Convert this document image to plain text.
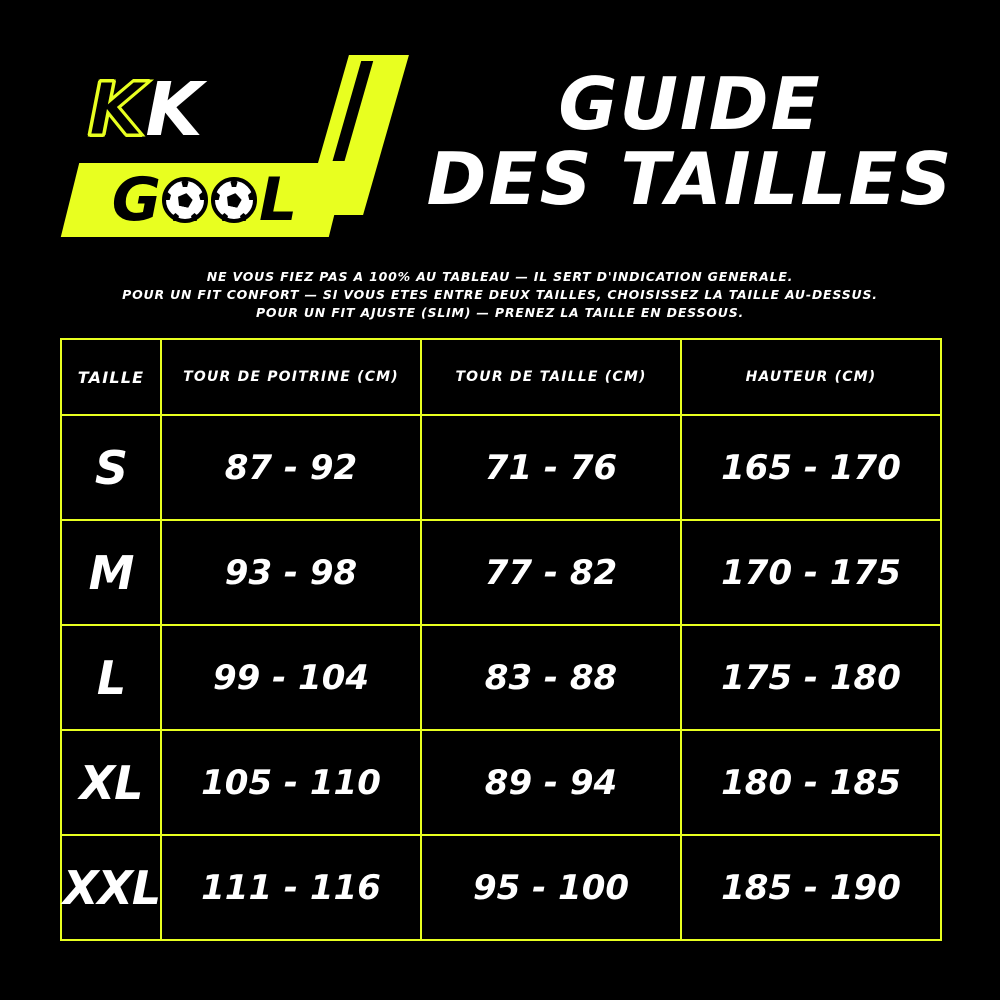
K K
G L
GUIDE
DES TAILLES
NE VOUS FIEZ PAS A 100% AU TABLEAU — IL SERT D'INDICATION GENERALE.
POUR UN FIT CONFORT — SI VOUS ETES ENTRE DEUX TAILLES, CHOISISSEZ LA TAILLE AU-DESSUS.
POUR UN FIT AJUSTE (SLIM) — PRENEZ LA TAILLE EN DESSOUS.
TAILLE	TOUR DE POITRINE (CM)	TOUR DE TAILLE (CM)	HAUTEUR (CM)
S	87 - 92	71 - 76	165 - 170
M	93 - 98	77 - 82	170 - 175
L	99 - 104	83 - 88	175 - 180
XL	105 - 110	89 - 94	180 - 185
XXL	111 - 116	95 - 100	185 - 190
